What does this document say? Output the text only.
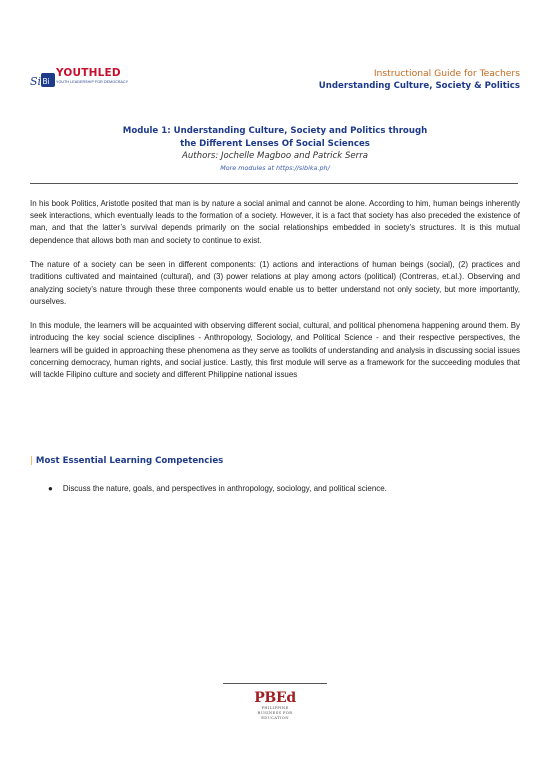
Si Bi
YOUTHLED
YOUTH LEADERSHIP FOR DEMOCRACY
Instructional Guide for Teachers
Understanding Culture, Society & Politics
Module 1: Understanding Culture, Society and Politics through
the Different Lenses Of Social Sciences
Authors: Jochelle Magboo and Patrick Serra
More modules at https://sibika.ph/

In his book Politics, Aristotle posited that man is by nature a social animal and cannot be alone. According to him, human beings inherently seek interactions, which eventually leads to the formation of a society. However, it is a fact that society has also preceded the existence of man, and that the latter’s survival depends primarily on the social relationships embedded in society’s structures. It is this mutual dependence that allows both man and society to continue to exist.

The nature of a society can be seen in different components: (1) actions and interactions of human beings (social), (2) practices and traditions cultivated and maintained (cultural), and (3) power relations at play among actors (political) (Contreras, et.al.). Observing and analyzing society’s nature through these three components would enable us to better understand not only society, but more importantly, ourselves.

In this module, the learners will be acquainted with observing different social, cultural, and political phenomena happening around them. By introducing the key social science disciplines - Anthropology, Sociology, and Political Science - and their respective perspectives, the learners will be guided in approaching these phenomena as they serve as toolkits of understanding and analysis in discussing social issues concerning democracy, human rights, and social justice. Lastly, this first module will serve as a framework for the succeeding modules that will tackle Filipino culture and society and different Philippine national issues

| Most Essential Learning Competencies
● Discuss the nature, goals, and perspectives in anthropology, sociology, and political science.
PBEd
PHILIPPINE
BUSINESS FOR
EDUCATION
